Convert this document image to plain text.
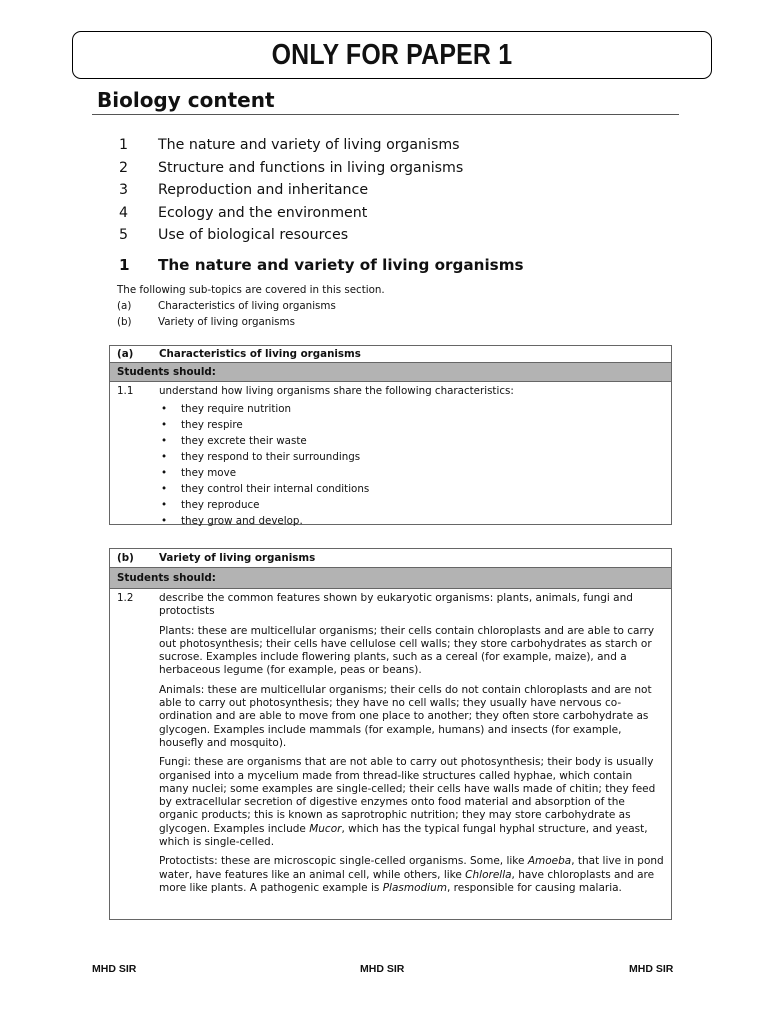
ONLY FOR PAPER 1
Biology content
1	The nature and variety of living organisms
2	Structure and functions in living organisms
3	Reproduction and inheritance
4	Ecology and the environment
5	Use of biological resources
1	The nature and variety of living organisms
The following sub-topics are covered in this section.
(a)	Characteristics of living organisms
(b)	Variety of living organisms
(a)	Characteristics of living organisms
Students should:
1.1	understand how living organisms share the following characteristics:
•	they require nutrition
•	they respire
•	they excrete their waste
•	they respond to their surroundings
•	they move
•	they control their internal conditions
•	they reproduce
•	they grow and develop.
(b)	Variety of living organisms
Students should:
1.2	describe the common features shown by eukaryotic organisms: plants, animals, fungi and protoctists

Plants: these are multicellular organisms; their cells contain chloroplasts and are able to carry out photosynthesis; their cells have cellulose cell walls; they store carbohydrates as starch or sucrose. Examples include flowering plants, such as a cereal (for example, maize), and a herbaceous legume (for example, peas or beans).

Animals: these are multicellular organisms; their cells do not contain chloroplasts and are not able to carry out photosynthesis; they have no cell walls; they usually have nervous co-ordination and are able to move from one place to another; they often store carbohydrate as glycogen. Examples include mammals (for example, humans) and insects (for example, housefly and mosquito).

Fungi: these are organisms that are not able to carry out photosynthesis; their body is usually organised into a mycelium made from thread-like structures called hyphae, which contain many nuclei; some examples are single-celled; their cells have walls made of chitin; they feed by extracellular secretion of digestive enzymes onto food material and absorption of the organic products; this is known as saprotrophic nutrition; they may store carbohydrate as glycogen. Examples include Mucor, which has the typical fungal hyphal structure, and yeast, which is single-celled.

Protoctists: these are microscopic single-celled organisms. Some, like Amoeba, that live in pond water, have features like an animal cell, while others, like Chlorella, have chloroplasts and are more like plants. A pathogenic example is Plasmodium, responsible for causing malaria.

MHD SIR	MHD SIR	MHD SIR
